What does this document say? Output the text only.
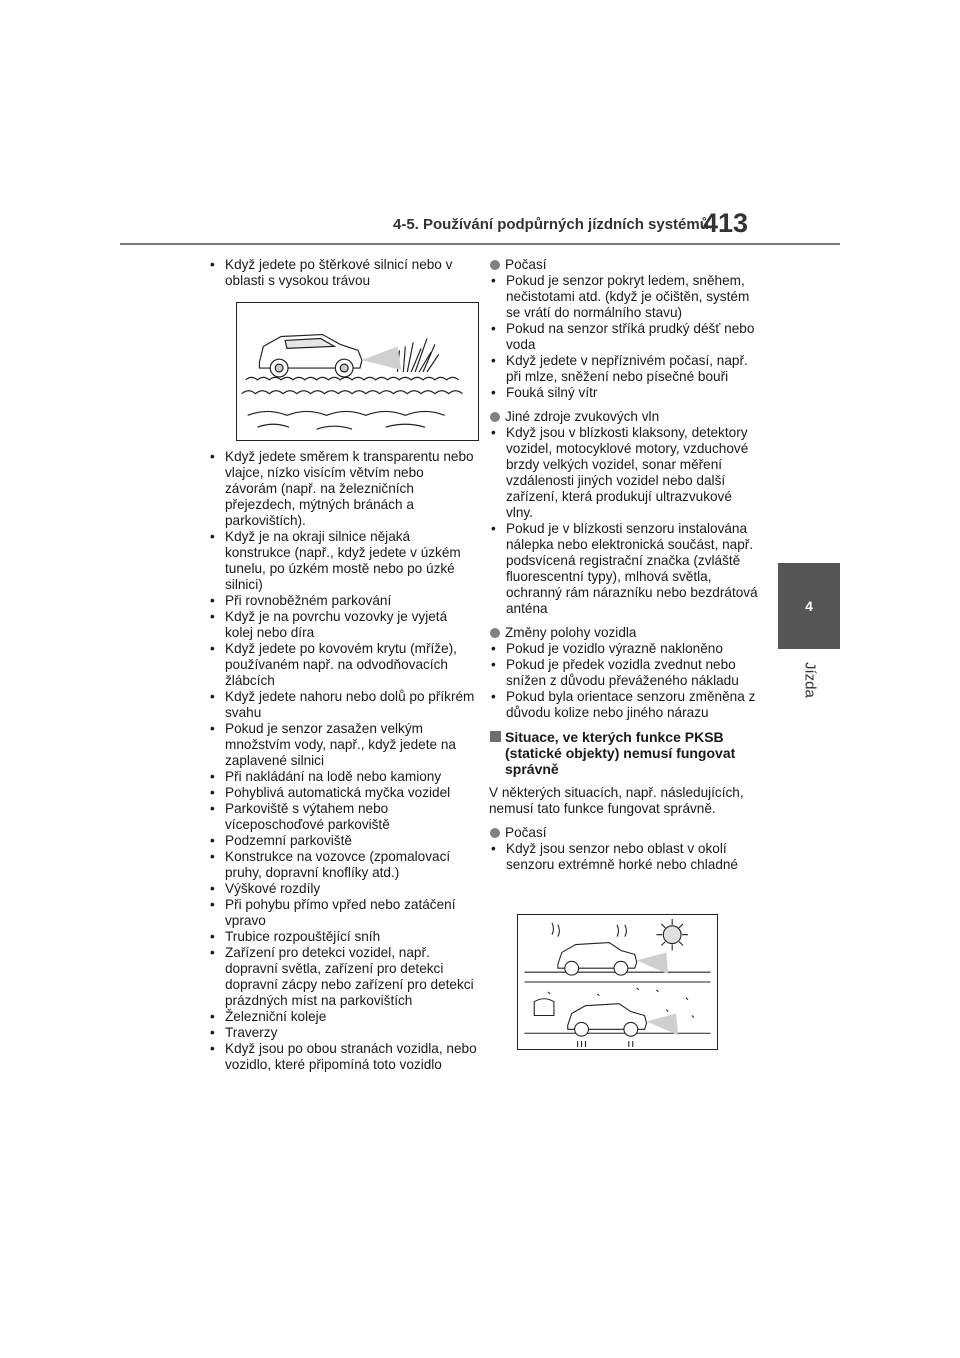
4-5. Používání podpůrných jízdních systémů
413
4
Jízda
• Když jedete po štěrkové silnicí nebo v oblasti s vysokou trávou
• Když jedete směrem k transparentu nebo vlajce, nízko visícím větvím nebo závorám (např. na železničních přejezdech, mýtných bránách a parkovištích).
• Když je na okraji silnice nějaká konstrukce (např., když jedete v úzkém tunelu, po úzkém mostě nebo po úzké silnici)
• Při rovnoběžném parkování
• Když je na povrchu vozovky je vyjetá kolej nebo díra
• Když jedete po kovovém krytu (mříže), používaném např. na odvodňovacích žlábcích
• Když jedete nahoru nebo dolů po příkrém svahu
• Pokud je senzor zasažen velkým množstvím vody, např., když jedete na zaplavené silnici
• Při nakládání na lodě nebo kamiony
• Pohyblivá automatická myčka vozidel
• Parkoviště s výtahem nebo víceposchoďové parkoviště
• Podzemní parkoviště
• Konstrukce na vozovce (zpomalovací pruhy, dopravní knoflíky atd.)
• Výškové rozdíly
• Při pohybu přímo vpřed nebo zatáčení vpravo
• Trubice rozpouštějící sníh
• Zařízení pro detekci vozidel, např. dopravní světla, zařízení pro detekci dopravní zácpy nebo zařízení pro detekci prázdných míst na parkovištích
• Železniční koleje
• Traverzy
• Když jsou po obou stranách vozidla, nebo vozidlo, které připomíná toto vozidlo
Počasí
• Pokud je senzor pokryt ledem, sněhem, nečistotami atd. (když je očištěn, systém se vrátí do normálního stavu)
• Pokud na senzor stříká prudký déšť nebo voda
• Když jedete v nepříznivém počasí, např. při mlze, sněžení nebo písečné bouři
• Fouká silný vítr
Jiné zdroje zvukových vln
• Když jsou v blízkosti klaksony, detektory vozidel, motocyklové motory, vzduchové brzdy velkých vozidel, sonar měření vzdálenosti jiných vozidel nebo další zařízení, která produkují ultrazvukové vlny.
• Pokud je v blízkosti senzoru instalována nálepka nebo elektronická součást, např. podsvícená registrační značka (zvláště fluorescentní typy), mlhová světla, ochranný rám nárazníku nebo bezdrátová anténa
Změny polohy vozidla
• Pokud je vozidlo výrazně nakloněno
• Pokud je předek vozidla zvednut nebo snížen z důvodu převáženého nákladu
• Pokud byla orientace senzoru změněna z důvodu kolize nebo jiného nárazu
Situace, ve kterých funkce PKSB (statické objekty) nemusí fungovat správně
V některých situacích, např. následujících, nemusí tato funkce fungovat správně.
Počasí
• Když jsou senzor nebo oblast v okolí senzoru extrémně horké nebo chladné
